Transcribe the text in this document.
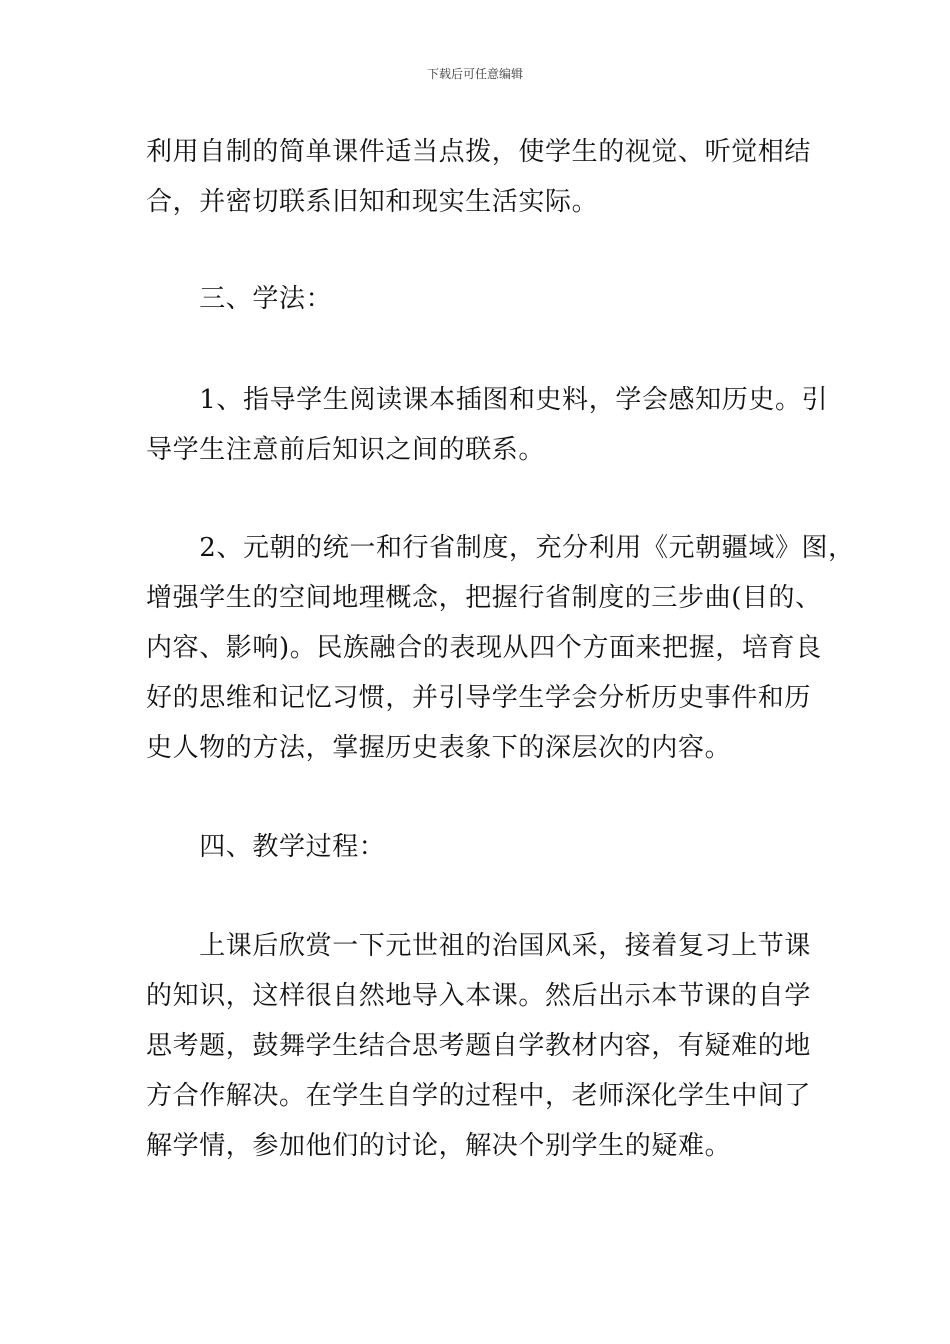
下载后可任意编辑
利用自制的简单课件适当点拨，使学生的视觉、听觉相结
合，并密切联系旧知和现实生活实际。
　　三、学法：
　　1、指导学生阅读课本插图和史料，学会感知历史。引
导学生注意前后知识之间的联系。
　　2、元朝的统一和行省制度，充分利用《元朝疆域》图，
增强学生的空间地理概念，把握行省制度的三步曲(目的、
内容、影响)。民族融合的表现从四个方面来把握，培育良
好的思维和记忆习惯，并引导学生学会分析历史事件和历
史人物的方法，掌握历史表象下的深层次的内容。
　　四、教学过程：
　　上课后欣赏一下元世祖的治国风采，接着复习上节课
的知识，这样很自然地导入本课。然后出示本节课的自学
思考题，鼓舞学生结合思考题自学教材内容，有疑难的地
方合作解决。在学生自学的过程中，老师深化学生中间了
解学情，参加他们的讨论，解决个别学生的疑难。
